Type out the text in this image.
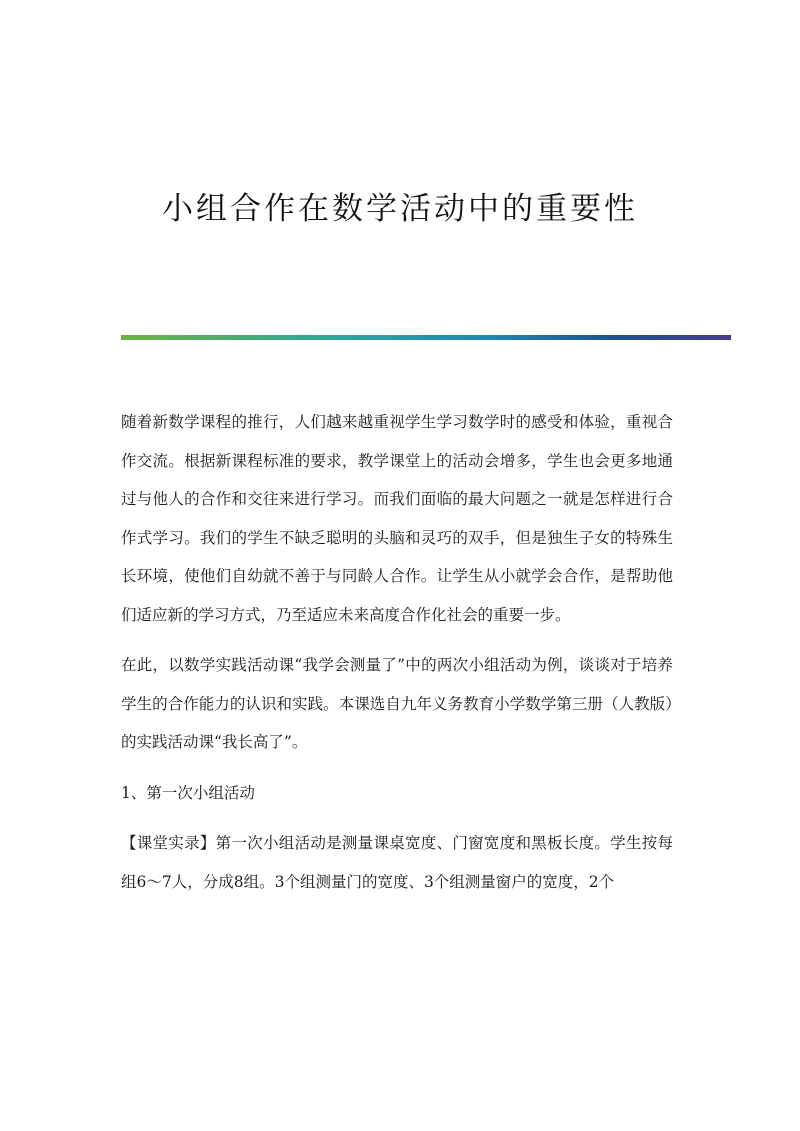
小组合作在数学活动中的重要性

随着新数学课程的推行，人们越来越重视学生学习数学时的感受和体验，重视合作交流。根据新课程标准的要求，教学课堂上的活动会增多，学生也会更多地通过与他人的合作和交往来进行学习。而我们面临的最大问题之一就是怎样进行合作式学习。我们的学生不缺乏聪明的头脑和灵巧的双手，但是独生子女的特殊生长环境，使他们自幼就不善于与同龄人合作。让学生从小就学会合作，是帮助他们适应新的学习方式，乃至适应未来高度合作化社会的重要一步。

在此，以数学实践活动课“我学会测量了”中的两次小组活动为例，谈谈对于培养学生的合作能力的认识和实践。本课选自九年义务教育小学数学第三册（人教版）的实践活动课“我长高了”。

1、第一次小组活动

【课堂实录】第一次小组活动是测量课桌宽度、门窗宽度和黑板长度。学生按每组6～7人，分成8组。3个组测量门的宽度、3个组测量窗户的宽度，2个
